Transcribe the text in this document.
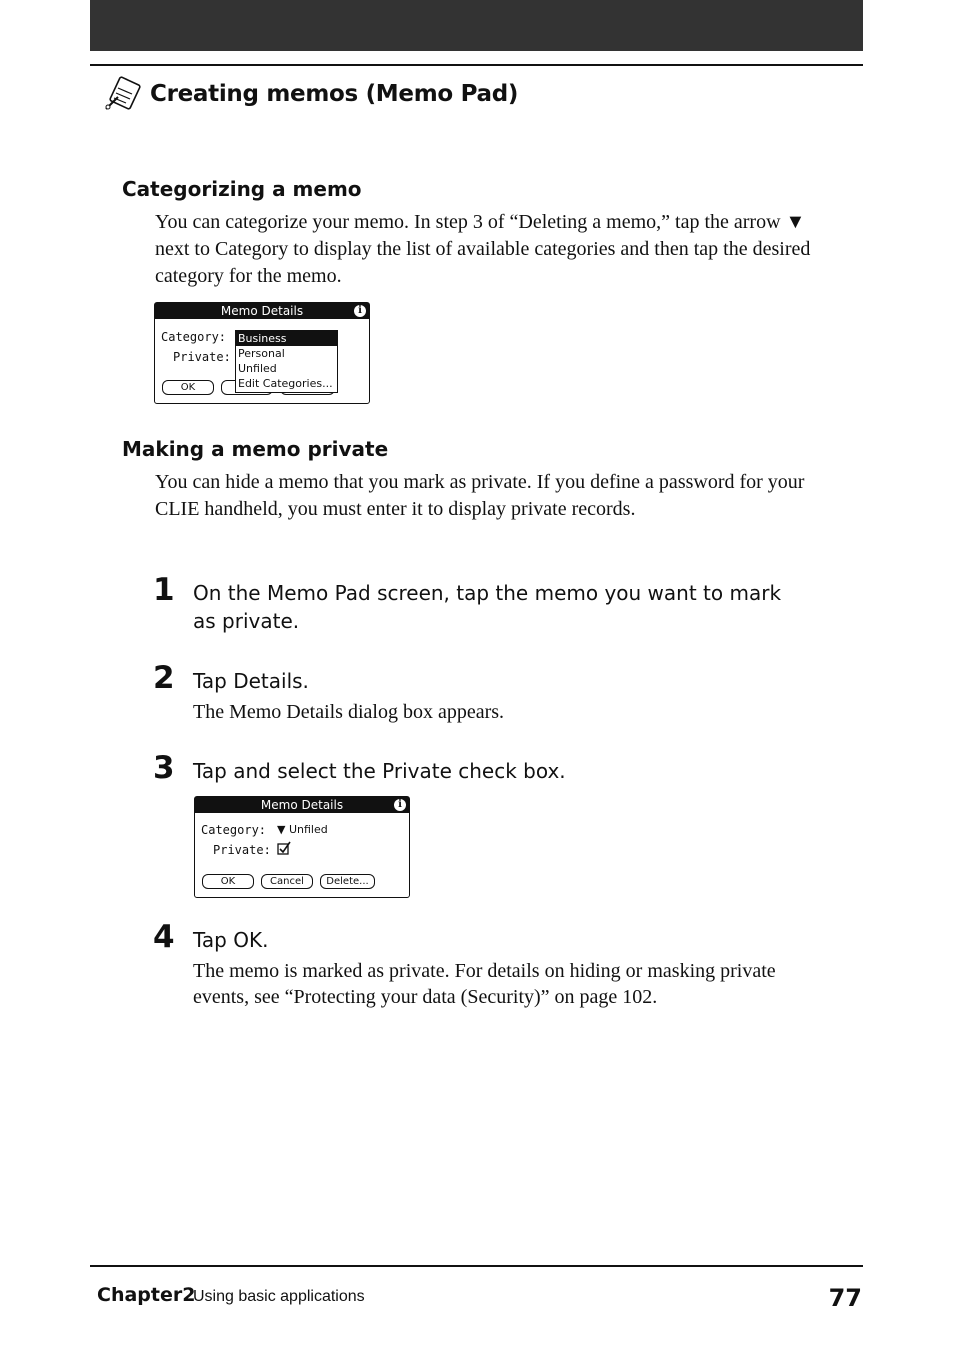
Creating memos (Memo Pad)
Categorizing a memo
You can categorize your memo. In step 3 of “Deleting a memo,” tap the arrow ▼ next to Category to display the list of available categories and then tap the desired category for the memo.
Memo Details	i
Category:
Private:
OK
Business
Personal
Unfiled
Edit Categories...
Making a memo private
You can hide a memo that you mark as private. If you define a password for your CLIE handheld, you must enter it to display private records.
1 On the Memo Pad screen, tap the memo you want to mark as private.
2 Tap Details.
The Memo Details dialog box appears.
3 Tap and select the Private check box.
Memo Details	i
Category: ▼ Unfiled
Private:
OK	Cancel	Delete...
4 Tap OK.
The memo is marked as private. For details on hiding or masking private events, see “Protecting your data (Security)” on page 102.
Chapter2
Using basic applications	77
